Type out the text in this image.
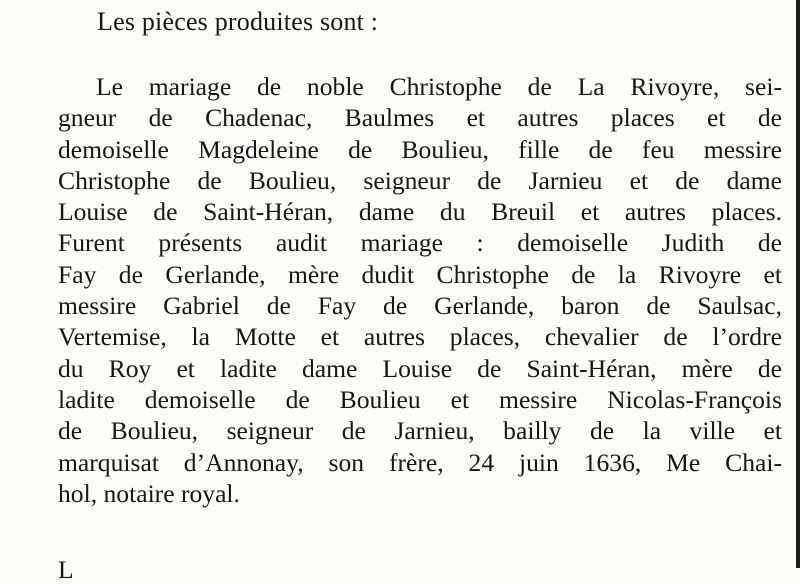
Les pièces produites sont :
Le mariage de noble Christophe de La Rivoyre, sei-
gneur de Chadenac, Baulmes et autres places et de
demoiselle Magdeleine de Boulieu, fille de feu messire
Christophe de Boulieu, seigneur de Jarnieu et de dame
Louise de Saint-Héran, dame du Breuil et autres places.
Furent présents audit mariage : demoiselle Judith de
Fay de Gerlande, mère dudit Christophe de la Rivoyre et
messire Gabriel de Fay de Gerlande, baron de Saulsac,
Vertemise, la Motte et autres places, chevalier de l’ordre
du Roy et ladite dame Louise de Saint-Héran, mère de
ladite demoiselle de Boulieu et messire Nicolas-François
de Boulieu, seigneur de Jarnieu, bailly de la ville et
marquisat d’Annonay, son frère, 24 juin 1636, Me Chai-
hol, notaire royal.
L
